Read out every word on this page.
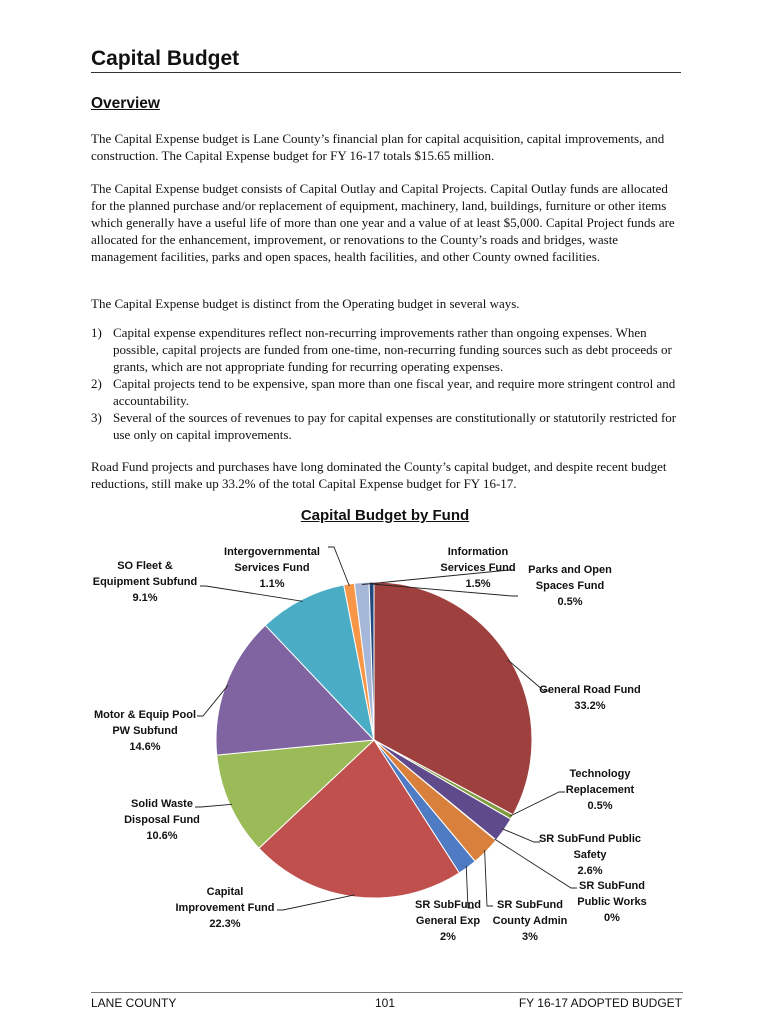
Capital Budget
Overview

The Capital Expense budget is Lane County’s financial plan for capital acquisition, capital improvements, and construction. The Capital Expense budget for FY 16-17 totals $15.65 million.

The Capital Expense budget consists of Capital Outlay and Capital Projects. Capital Outlay funds are allocated for the planned purchase and/or replacement of equipment, machinery, land, buildings, furniture or other items which generally have a useful life of more than one year and a value of at least $5,000. Capital Project funds are allocated for the enhancement, improvement, or renovations to the County’s roads and bridges, waste management facilities, parks and open spaces, health facilities, and other County owned facilities.

The Capital Expense budget is distinct from the Operating budget in several ways.

1) Capital expense expenditures reflect non-recurring improvements rather than ongoing expenses. When possible, capital projects are funded from one-time, non-recurring funding sources such as debt proceeds or grants, which are not appropriate funding for recurring operating expenses.
2) Capital projects tend to be expensive, span more than one fiscal year, and require more stringent control and accountability.
3) Several of the sources of revenues to pay for capital expenses are constitutionally or statutorily restricted for use only on capital improvements.

Road Fund projects and purchases have long dominated the County’s capital budget, and despite recent budget reductions, still make up 33.2% of the total Capital Expense budget for FY 16-17.

Capital Budget by Fund
General Road Fund 33.2%
Technology Replacement 0.5%
SR SubFund Public Safety 2.6%
SR SubFund Public Works 0%
SR SubFund County Admin 3%
SR SubFund General Exp 2%
Capital Improvement Fund 22.3%
Solid Waste Disposal Fund 10.6%
Motor & Equip Pool PW Subfund 14.6%
SO Fleet & Equipment Subfund 9.1%
Intergovernmental Services Fund 1.1%
Information Services Fund 1.5%
Parks and Open Spaces Fund 0.5%
LANE COUNTY	101	FY 16-17 ADOPTED BUDGET
